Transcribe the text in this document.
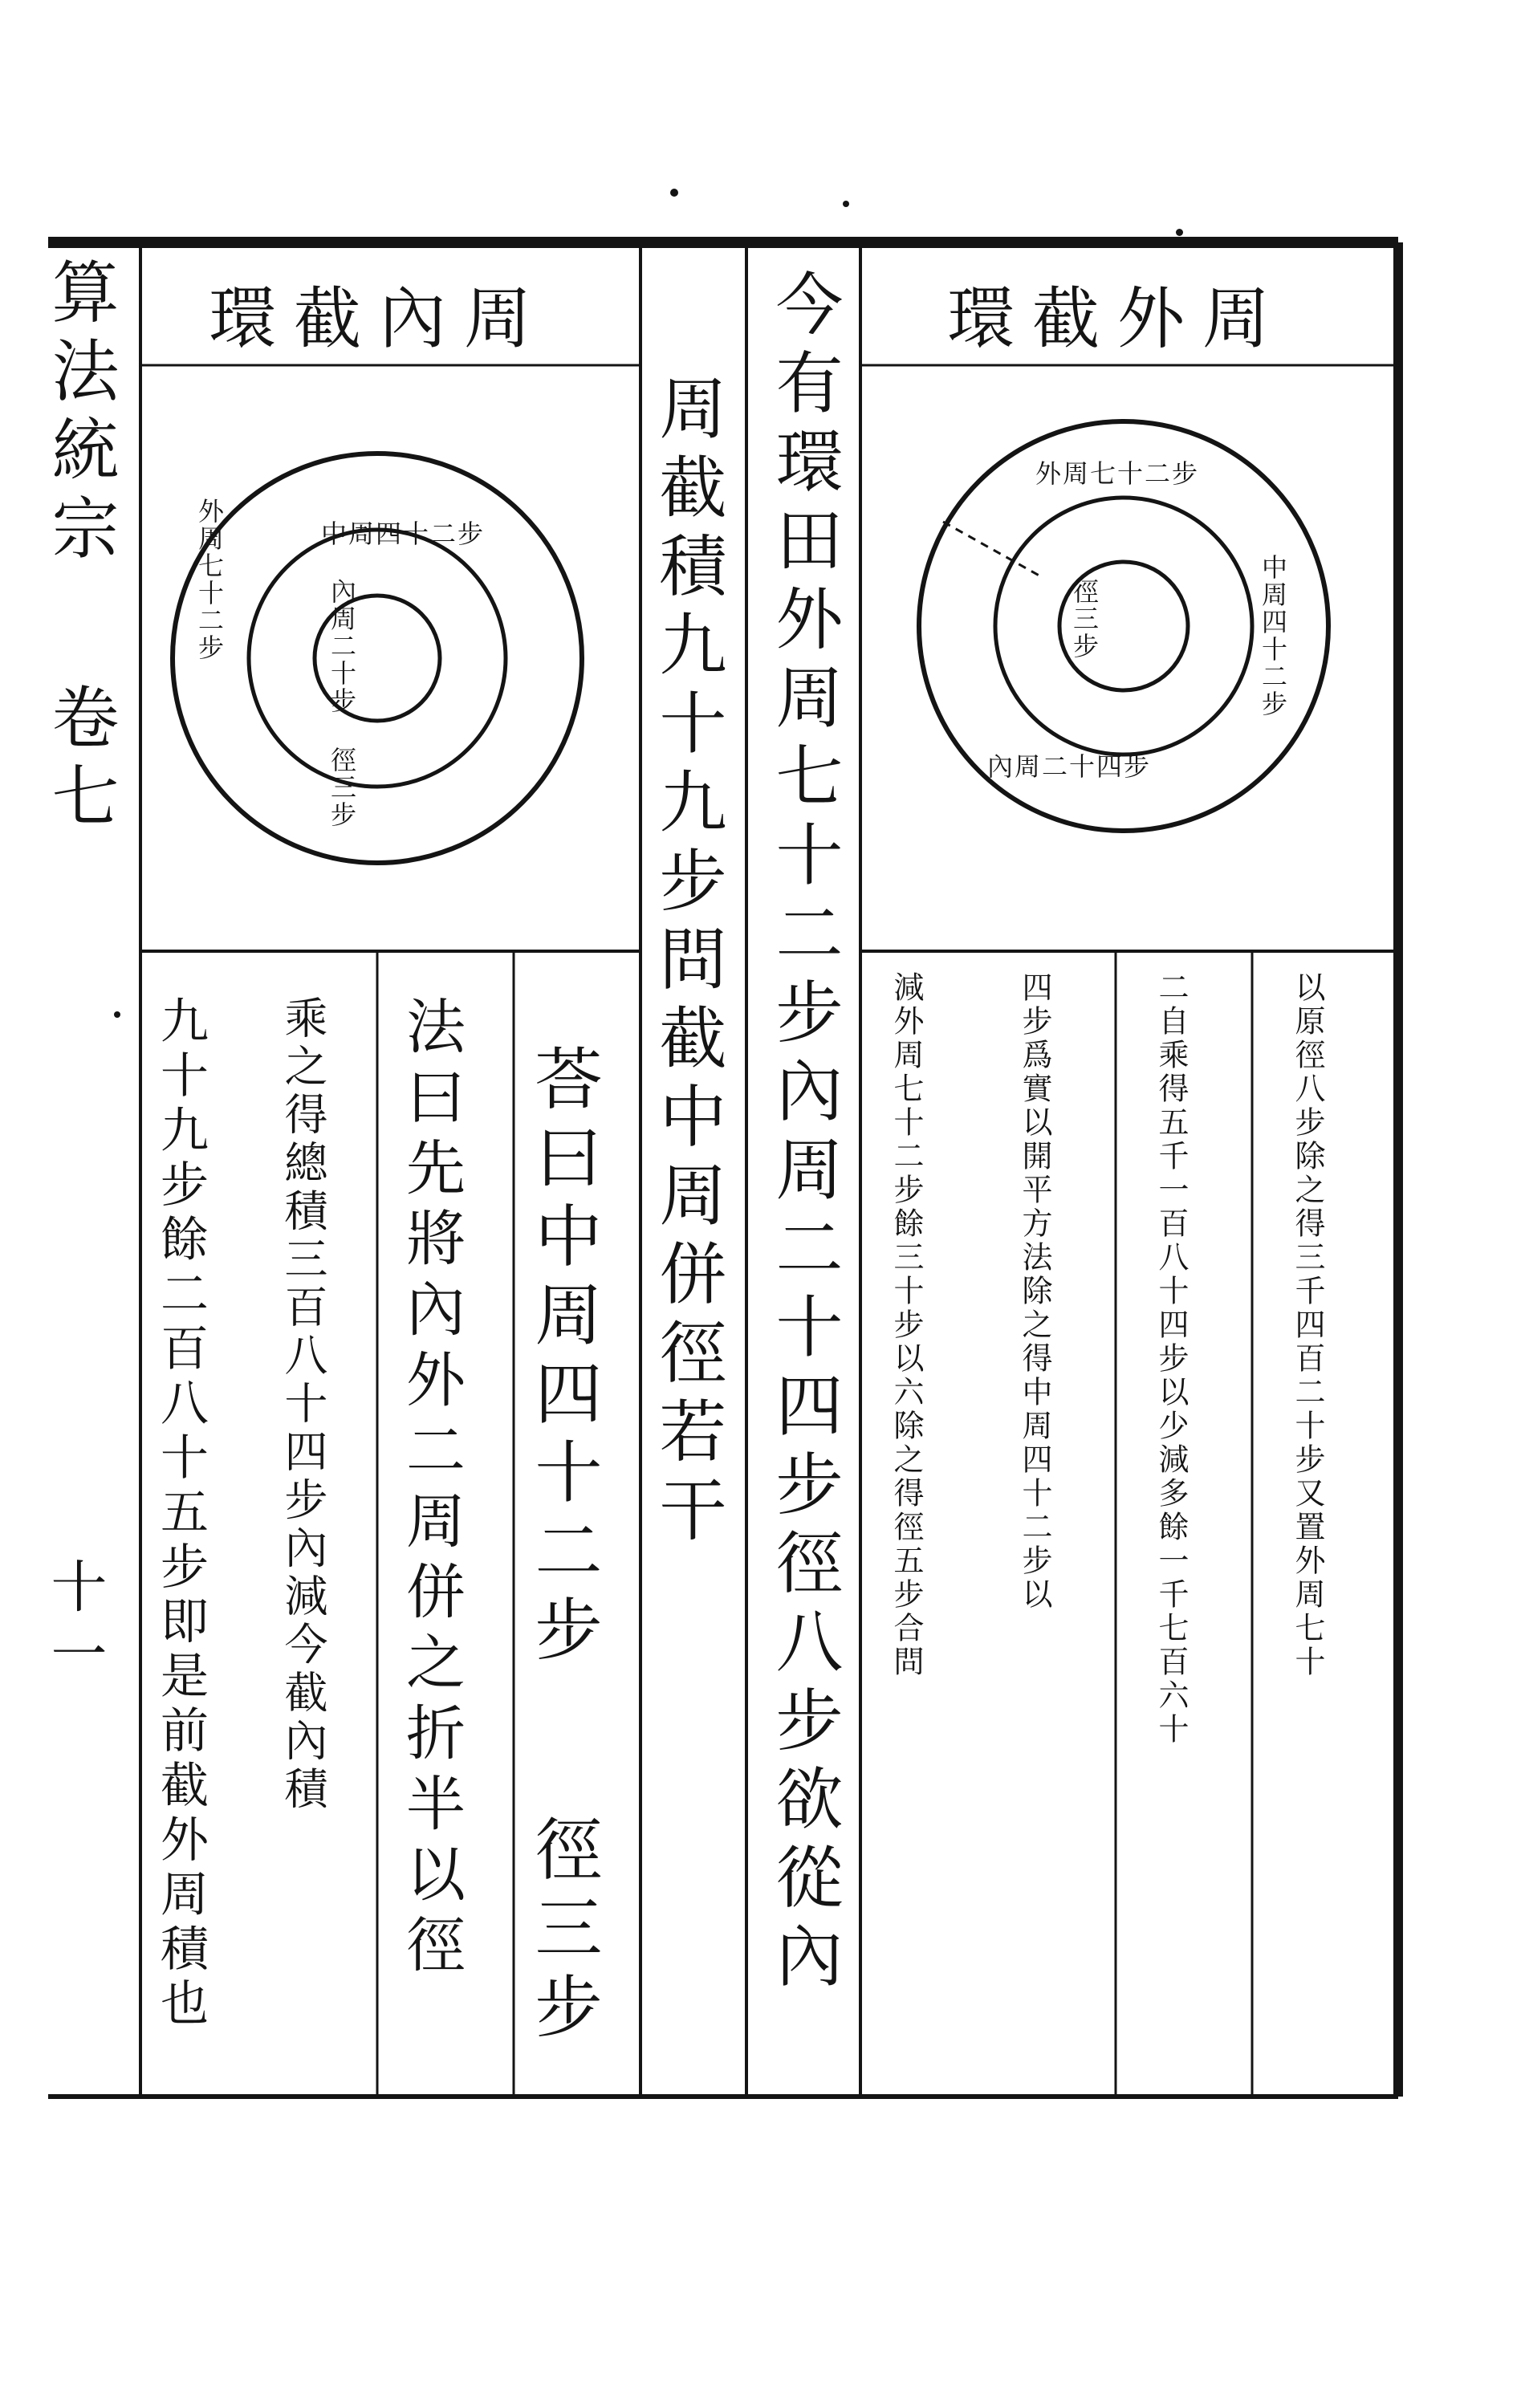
算法統宗
卷七
十一
環截內周
外周七十二步	中周四十二步
內周二十步
徑三步
環截外周
外周七十二步
中周四十二步
內周二十四步
徑三步
今有環田外周七十二步內周二十四步徑八步欲從內
周截積九十九步問截中周併徑若干	以原徑八步除之得三千四百二十步又置外周七十
二自乘得五千一百八十四步以少減多餘一千七百六十
四步爲實以開平方法除之得中周四十二步以
減外周七十二步餘三十步以六除之得徑五步合問
荅曰中周四十二步
徑三步
法曰先將內外二周併之折半以徑
乘之得總積三百八十四步內減今截內積
九十九步餘二百八十五步即是前截外周積也
